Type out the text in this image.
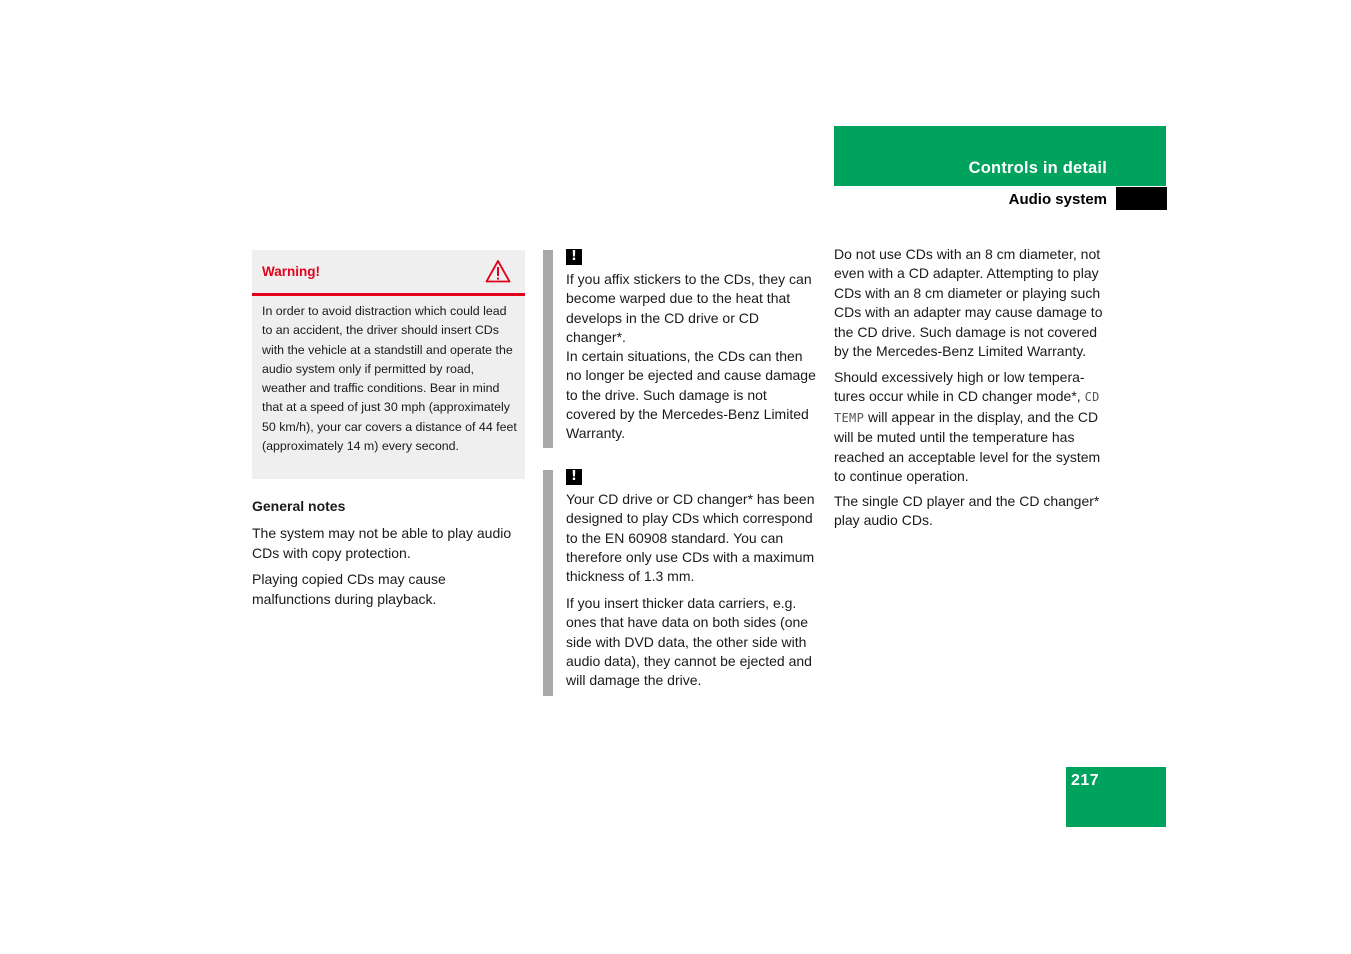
Controls in detail
Audio system
Warning!
In order to avoid distraction which could lead to an accident, the driver should insert CDs with the vehicle at a standstill and operate the audio system only if permitted by road, weather and traffic conditions. Bear in mind that at a speed of just 30 mph (approximately 50 km/h), your car covers a distance of 44 feet (approximately 14 m) every second.
General notes
The system may not be able to play audio CDs with copy protection.
Playing copied CDs may cause malfunctions during playback.
!
If you affix stickers to the CDs, they can become warped due to the heat that develops in the CD drive or CD changer*.
In certain situations, the CDs can then no longer be ejected and cause damage to the drive. Such damage is not covered by the Mercedes-Benz Limited Warranty.
!
Your CD drive or CD changer* has been designed to play CDs which correspond to the EN 60908 standard. You can therefore only use CDs with a maximum thickness of 1.3 mm.
If you insert thicker data carriers, e.g. ones that have data on both sides (one side with DVD data, the other side with audio data), they cannot be ejected and will damage the drive.
Do not use CDs with an 8 cm diameter, not even with a CD adapter. Attempting to play CDs with an 8 cm diameter or playing such CDs with an adapter may cause damage to the CD drive. Such damage is not covered by the Mercedes-Benz Limited Warranty.
Should excessively high or low tempera-tures occur while in CD changer mode*, CD TEMP will appear in the display, and the CD will be muted until the temperature has reached an acceptable level for the system to continue operation.
The single CD player and the CD changer* play audio CDs.
217
